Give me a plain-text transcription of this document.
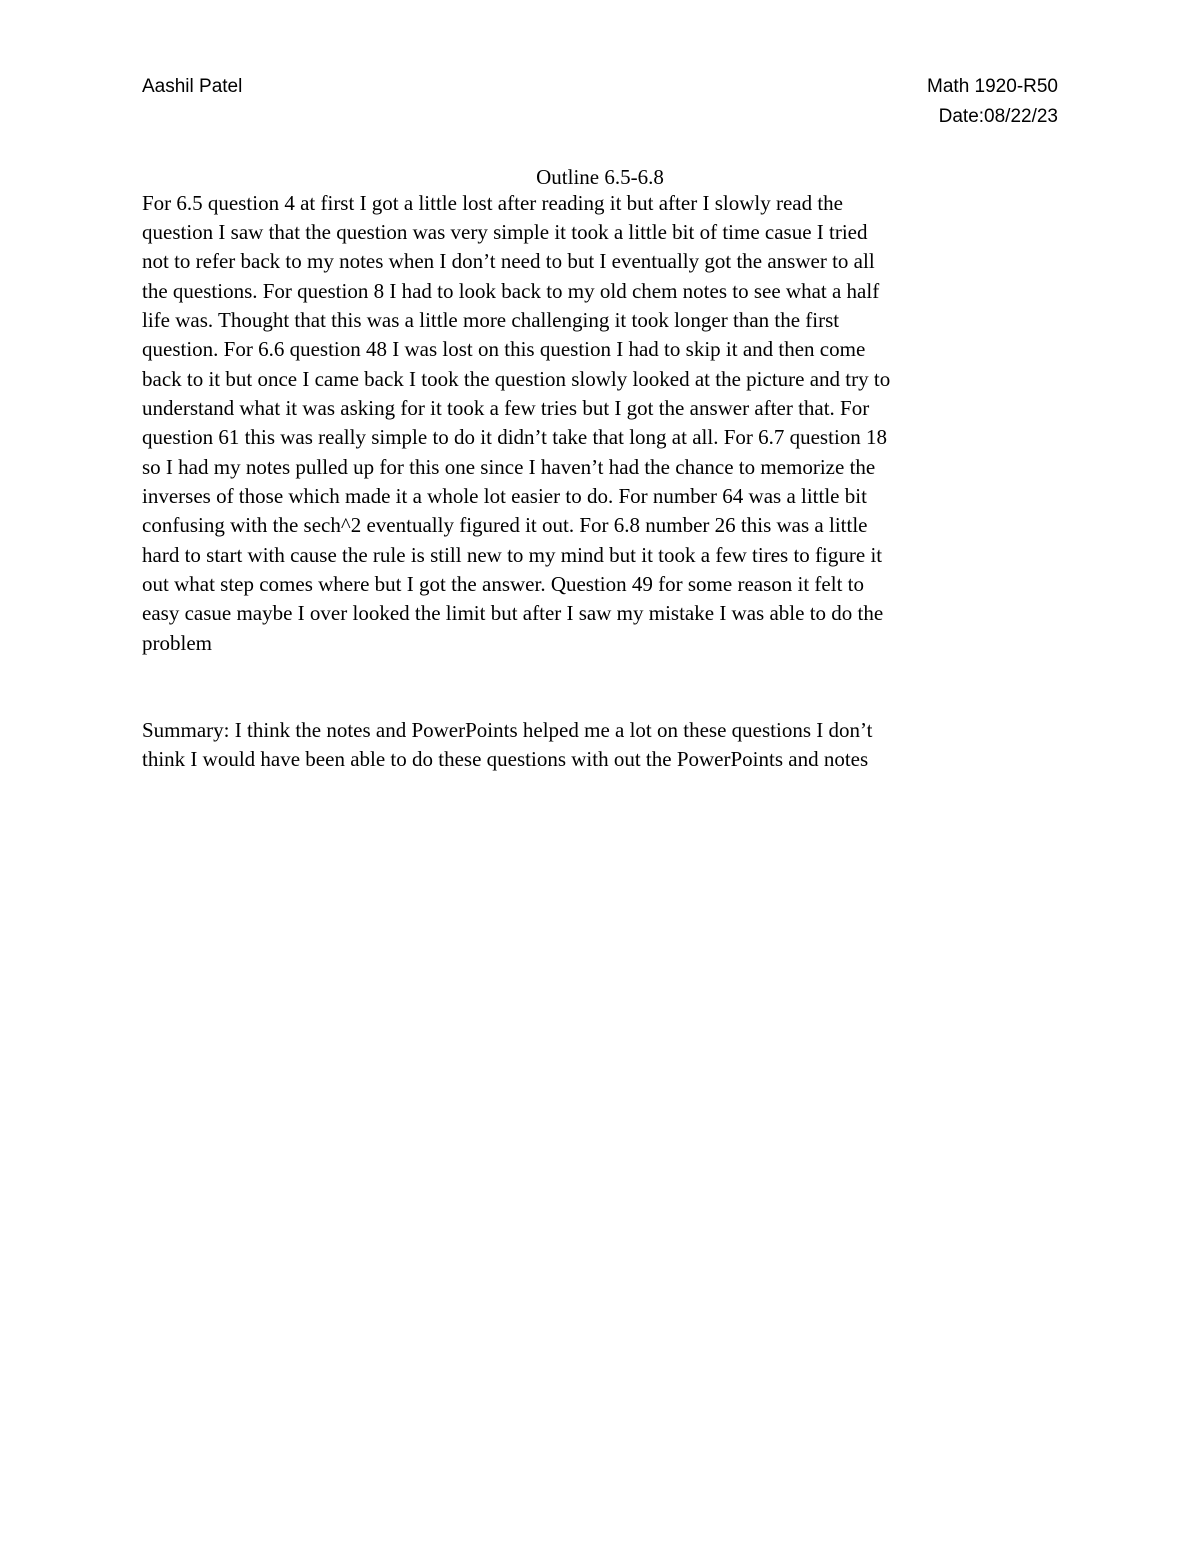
Aashil Patel	Math 1920-R50
Date:08/22/23
Outline 6.5-6.8
For 6.5 question 4 at first I got a little lost after reading it but after I slowly read the
question I saw that the question was very simple it took a little bit of time casue I tried
not to refer back to my notes when I don’t need to but I eventually got the answer to all
the questions. For question 8 I had to look back to my old chem notes to see what a half
life was. Thought that this was a little more challenging it took longer than the first
question. For 6.6 question 48 I was lost on this question I had to skip it and then come
back to it but once I came back I took the question slowly looked at the picture and try to
understand what it was asking for it took a few tries but I got the answer after that. For
question 61 this was really simple to do it didn’t take that long at all. For 6.7 question 18
so I had my notes pulled up for this one since I haven’t had the chance to memorize the
inverses of those which made it a whole lot easier to do. For number 64 was a little bit
confusing with the sech^2 eventually figured it out. For 6.8 number 26 this was a little
hard to start with cause the rule is still new to my mind but it took a few tires to figure it
out what step comes where but I got the answer. Question 49 for some reason it felt to
easy casue maybe I over looked the limit but after I saw my mistake I was able to do the
problem
Summary: I think the notes and PowerPoints helped me a lot on these questions I don’t
think I would have been able to do these questions with out the PowerPoints and notes
